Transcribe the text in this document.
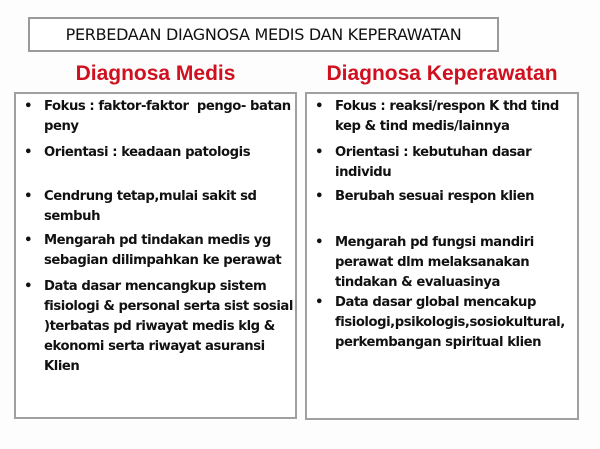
PERBEDAAN DIAGNOSA MEDIS DAN KEPERAWATAN
Diagnosa Medis	Diagnosa Keperawatan
• Fokus : faktor-faktor  pengo- batan
peny
• Orientasi : keadaan patologis
• Cendrung tetap,mulai sakit sd
sembuh
• Mengarah pd tindakan medis yg
sebagian dilimpahkan ke perawat
• Data dasar mencangkup sistem
fisiologi & personal serta sist sosial
)terbatas pd riwayat medis klg &
ekonomi serta riwayat asuransi
Klien
• Fokus : reaksi/respon K thd tind
kep & tind medis/lainnya
• Orientasi : kebutuhan dasar
individu
• Berubah sesuai respon klien
• Mengarah pd fungsi mandiri
perawat dlm melaksanakan
tindakan & evaluasinya
• Data dasar global mencakup
fisiologi,psikologis,sosiokultural,
perkembangan spiritual klien
